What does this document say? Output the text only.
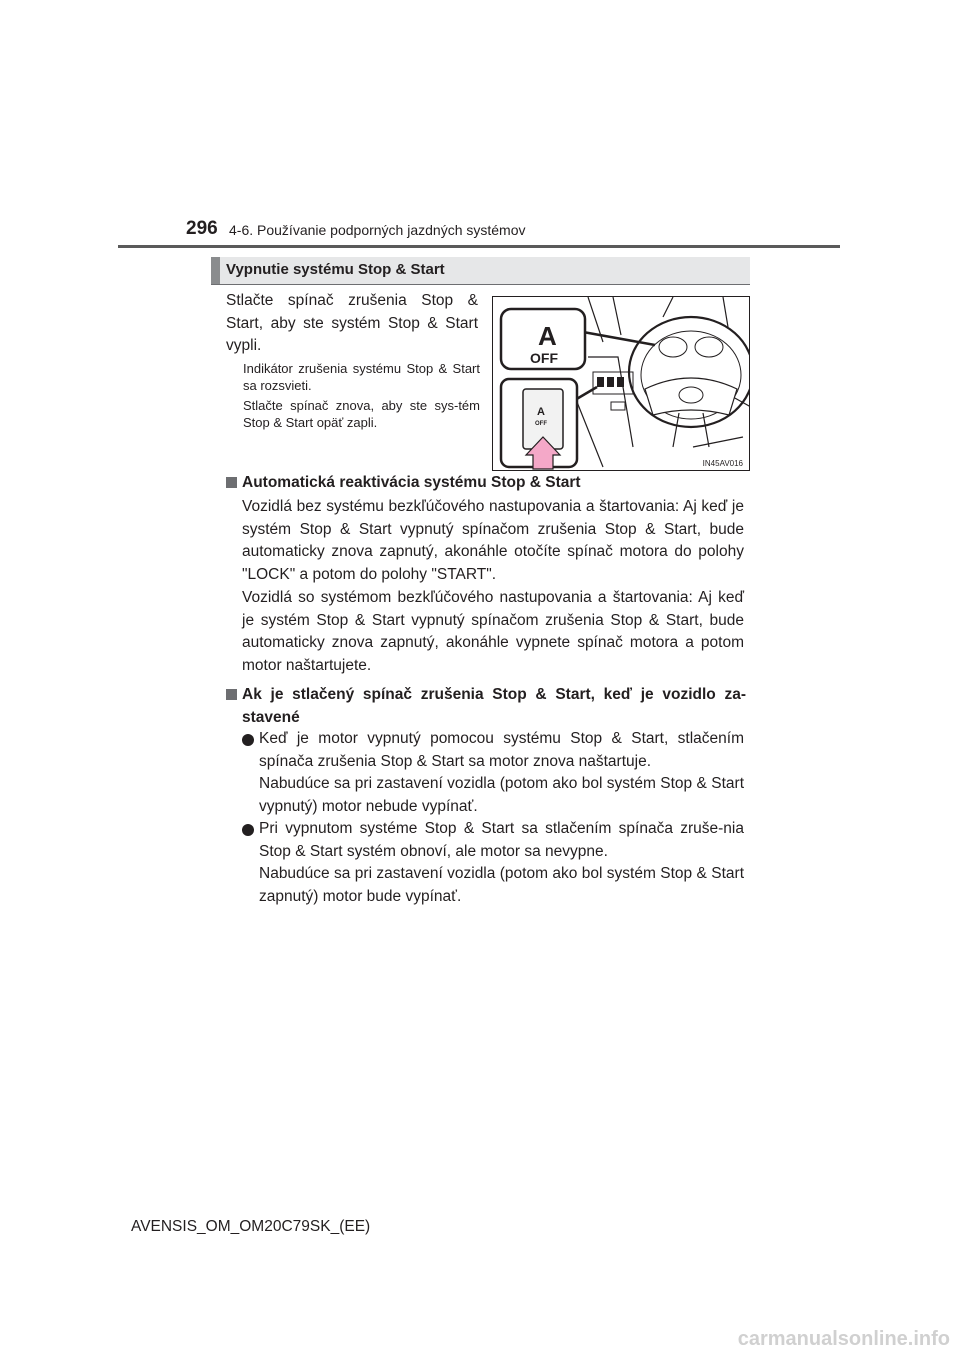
296 4-6. Používanie podporných jazdných systémov
Vypnutie systému Stop & Start
Stlačte spínač zrušenia Stop & Start, aby ste systém Stop & Start vypli.
Indikátor zrušenia systému Stop & Start sa rozsvieti.
Stlačte spínač znova, aby ste sys-tém Stop & Start opäť zapli.
A
OFF
A
OFF
IN45AV016
Automatická reaktivácia systému Stop & Start
Vozidlá bez systému bezkľúčového nastupovania a štartovania: Aj keď je systém Stop & Start vypnutý spínačom zrušenia Stop & Start, bude automaticky znova zapnutý, akonáhle otočíte spínač motora do polohy "LOCK" a potom do polohy "START".
Vozidlá so systémom bezkľúčového nastupovania a štartovania: Aj keď je systém Stop & Start vypnutý spínačom zrušenia Stop & Start, bude automaticky znova zapnutý, akonáhle vypnete spínač motora a potom motor naštartujete.
Ak je stlačený spínač zrušenia Stop & Start, keď je vozidlo za-stavené
Keď je motor vypnutý pomocou systému Stop & Start, stlačením spínača zrušenia Stop & Start sa motor znova naštartuje.
Nabudúce sa pri zastavení vozidla (potom ako bol systém Stop & Start vypnutý) motor nebude vypínať.
Pri vypnutom systéme Stop & Start sa stlačením spínača zruše-nia Stop & Start systém obnoví, ale motor sa nevypne.
Nabudúce sa pri zastavení vozidla (potom ako bol systém Stop & Start zapnutý) motor bude vypínať.
AVENSIS_OM_OM20C79SK_(EE)
carmanualsonline.info
